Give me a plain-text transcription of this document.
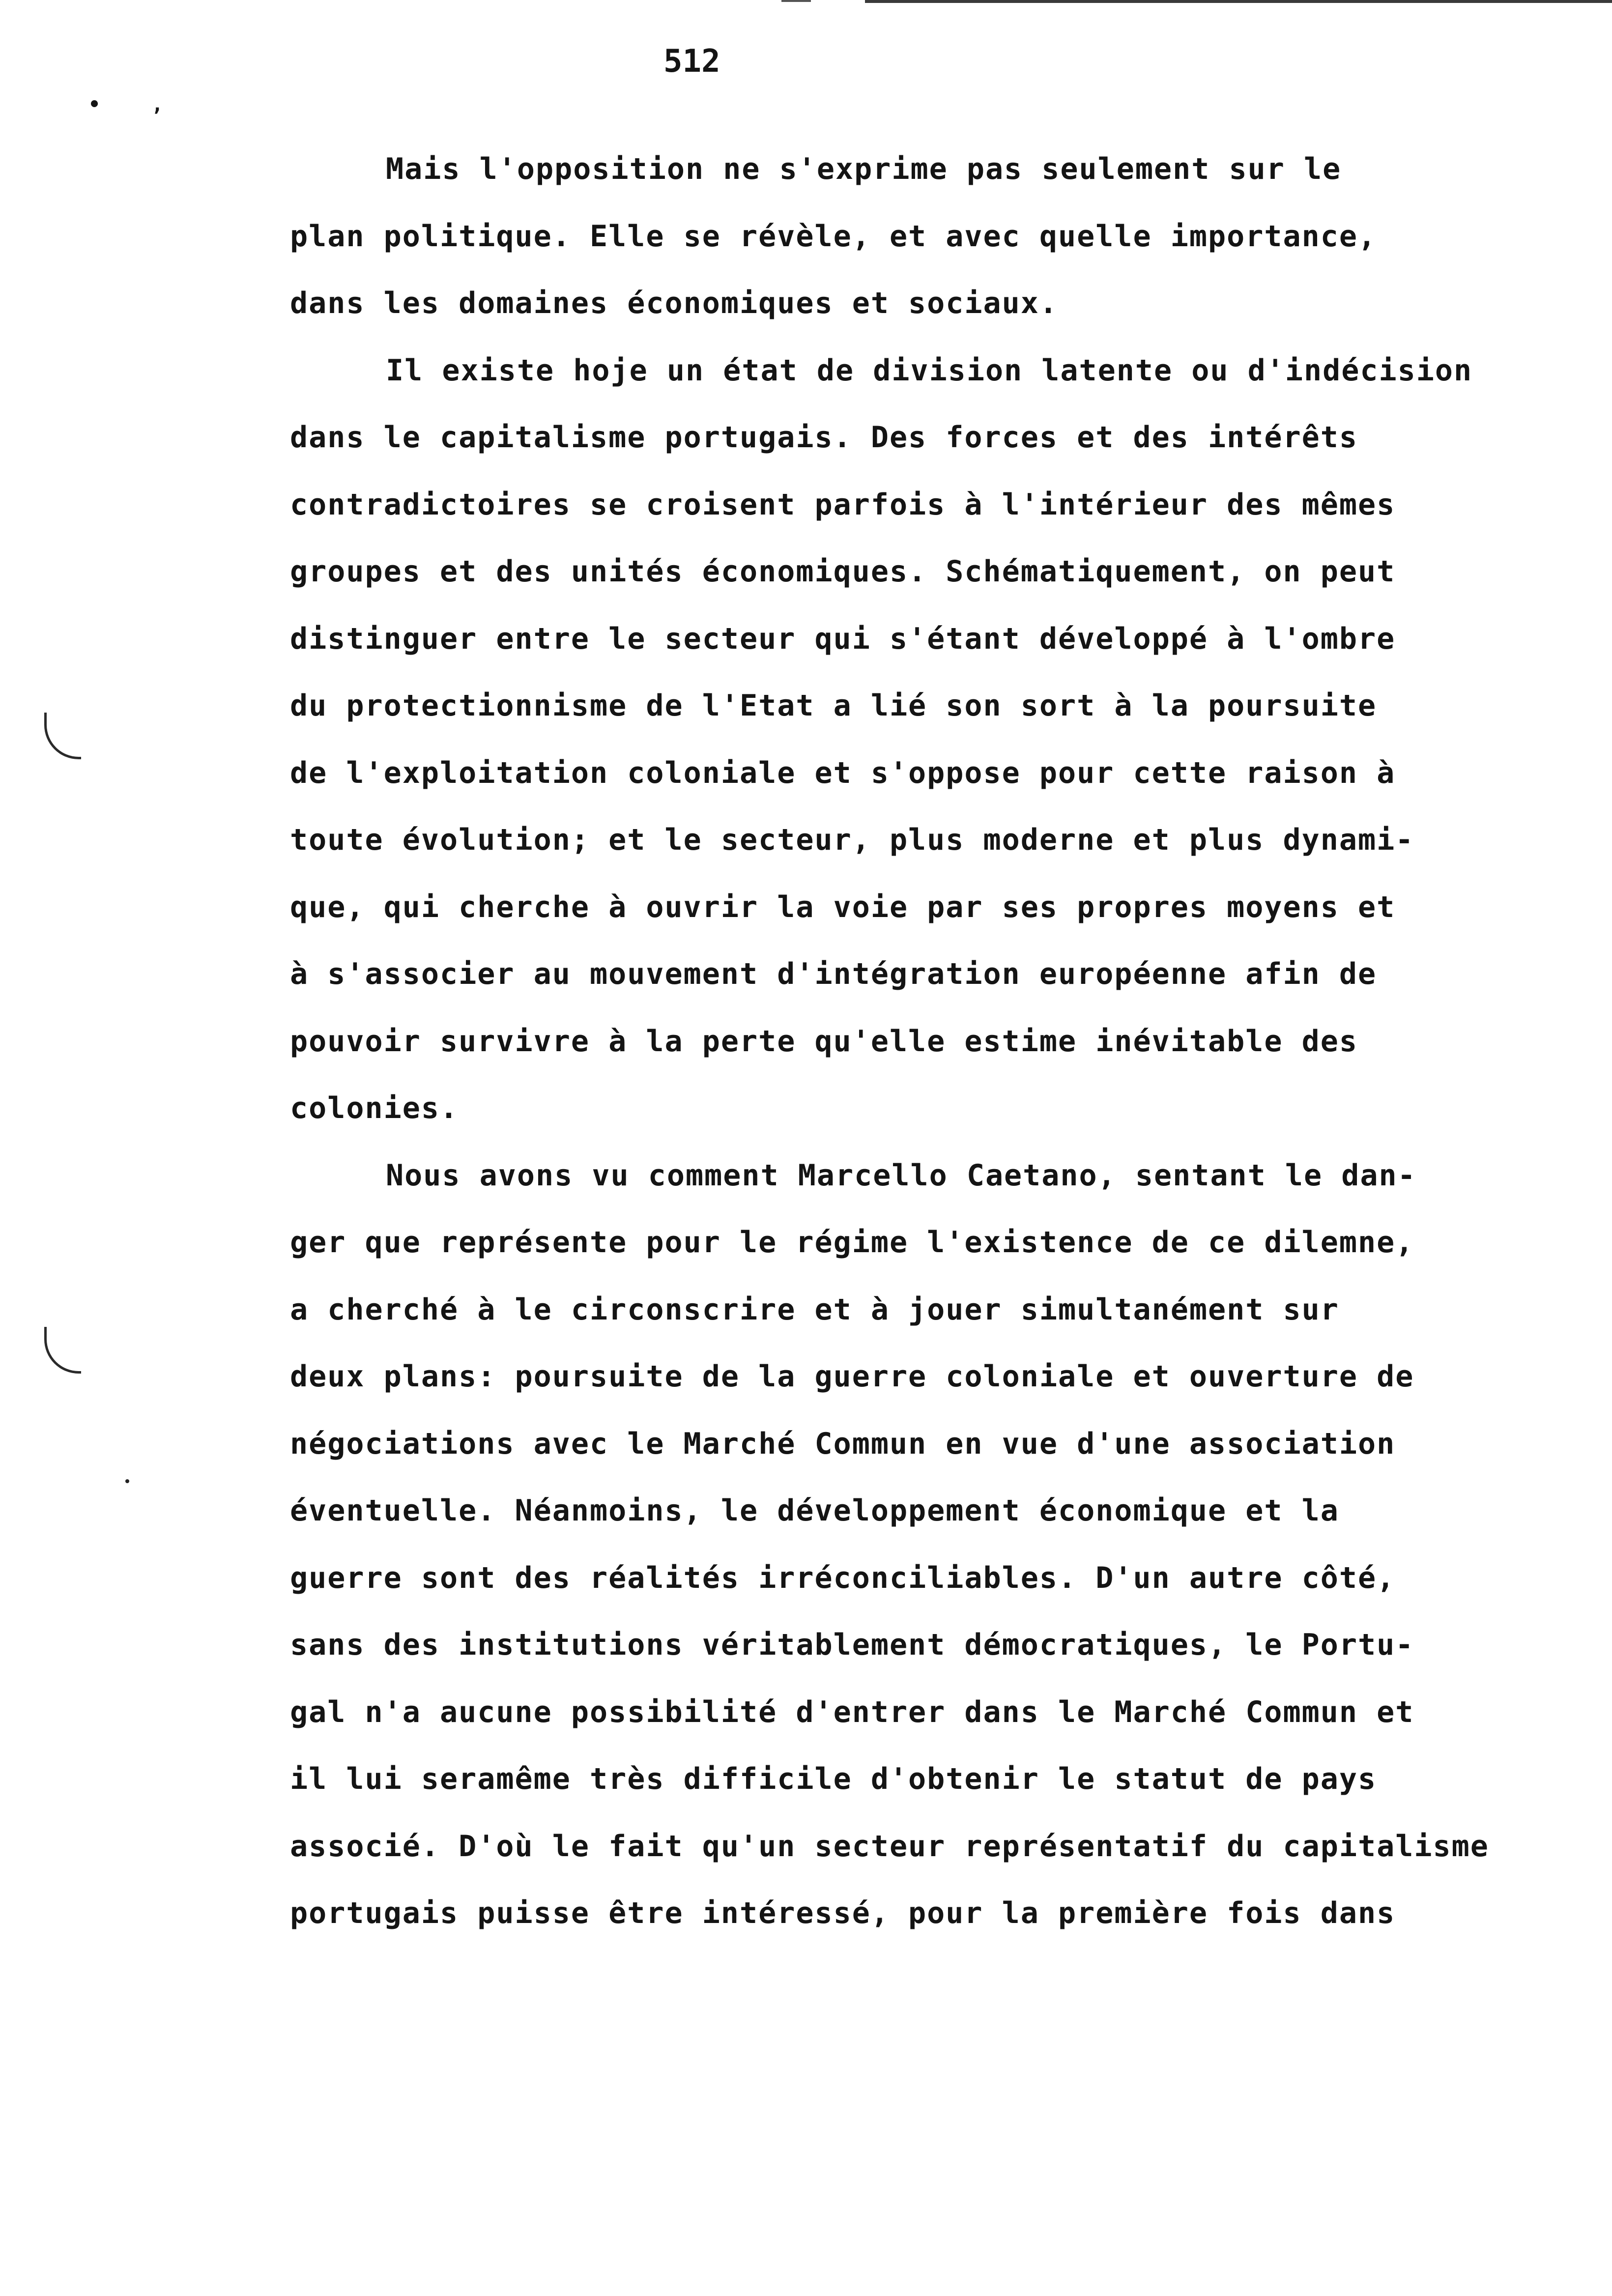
512
• ,
Mais l'opposition ne s'exprime pas seulement sur le
plan politique. Elle se révèle, et avec quelle importance,
dans les domaines économiques et sociaux.
Il existe hoje un état de division latente ou d'indécision
dans le capitalisme portugais. Des forces et des intérêts
contradictoires se croisent parfois à l'intérieur des mêmes
groupes et des unités économiques. Schématiquement, on peut
distinguer entre le secteur qui s'étant développé à l'ombre
du protectionnisme de l'Etat a lié son sort à la poursuite
de l'exploitation coloniale et s'oppose pour cette raison à
toute évolution; et le secteur, plus moderne et plus dynami-
que, qui cherche à ouvrir la voie par ses propres moyens et
à s'associer au mouvement d'intégration européenne afin de
pouvoir survivre à la perte qu'elle estime inévitable des
colonies.
Nous avons vu comment Marcello Caetano, sentant le dan-
ger que représente pour le régime l'existence de ce dilemne,
a cherché à le circonscrire et à jouer simultanément sur
deux plans: poursuite de la guerre coloniale et ouverture de
négociations avec le Marché Commun en vue d'une association
éventuelle. Néanmoins, le développement économique et la
guerre sont des réalités irréconciliables. D'un autre côté,
sans des institutions véritablement démocratiques, le Portu-
gal n'a aucune possibilité d'entrer dans le Marché Commun et
il lui seramême très difficile d'obtenir le statut de pays
associé. D'où le fait qu'un secteur représentatif du capitalisme
portugais puisse être intéressé, pour la première fois dans
